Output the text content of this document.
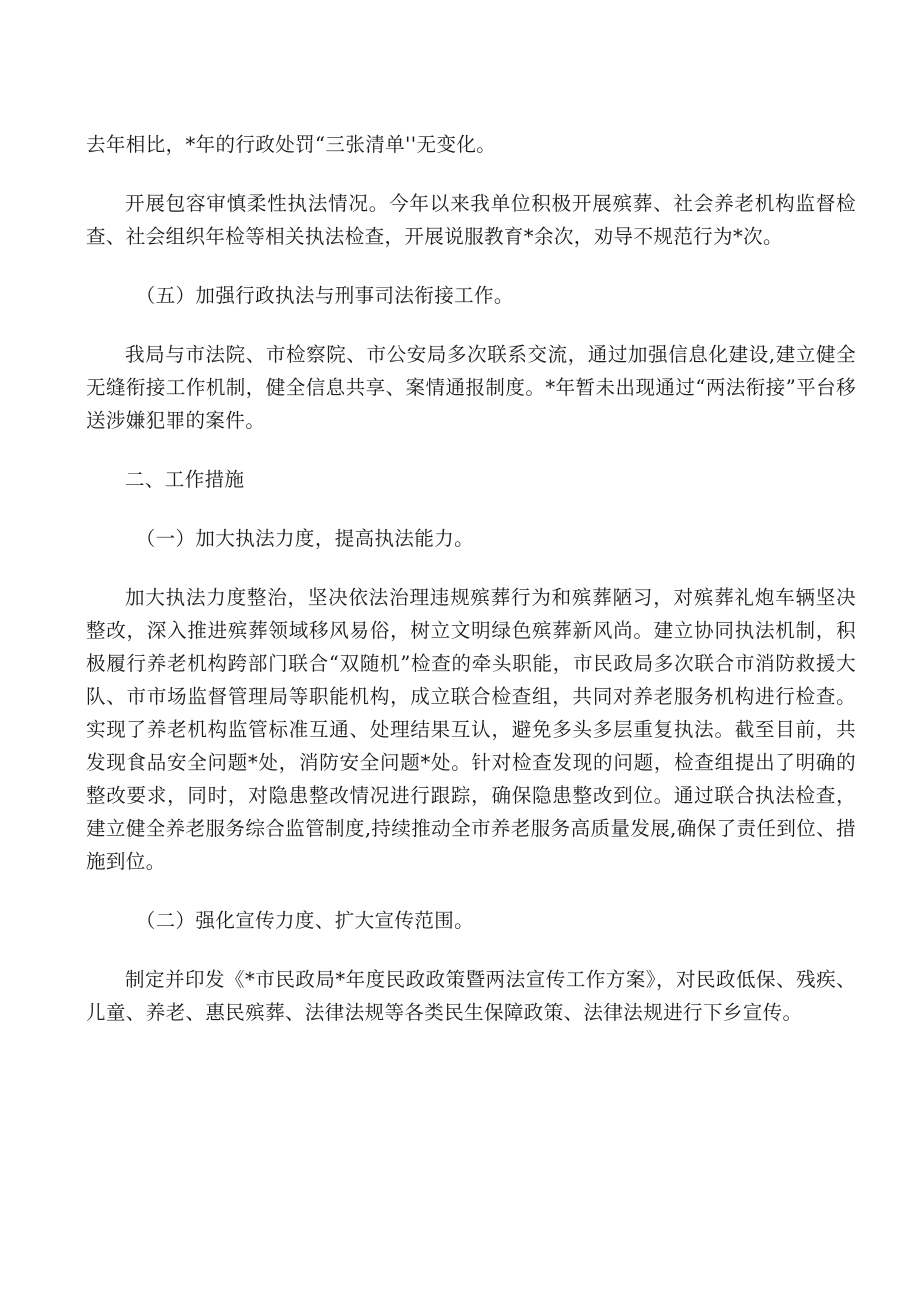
去年相比，*年的行政处罚“三张清单''无变化。

开展包容审慎柔性执法情况。今年以来我单位积极开展殡葬、社会养老机构监督检查、社会组织年检等相关执法检查，开展说服教育*余次，劝导不规范行为*次。

（五）加强行政执法与刑事司法衔接工作。

我局与市法院、市检察院、市公安局多次联系交流，通过加强信息化建设,建立健全无缝衔接工作机制，健全信息共享、案情通报制度。*年暂未出现通过“两法衔接”平台移送涉嫌犯罪的案件。

二、工作措施

（一）加大执法力度，提高执法能力。

加大执法力度整治，坚决依法治理违规殡葬行为和殡葬陋习，对殡葬礼炮车辆坚决整改，深入推进殡葬领域移风易俗，树立文明绿色殡葬新风尚。建立协同执法机制，积极履行养老机构跨部门联合“双随机”检查的牵头职能，市民政局多次联合市消防救援大队、市市场监督管理局等职能机构，成立联合检查组，共同对养老服务机构进行检查。实现了养老机构监管标准互通、处理结果互认，避免多头多层重复执法。截至目前，共发现食品安全问题*处，消防安全问题*处。针对检查发现的问题，检查组提出了明确的整改要求，同时，对隐患整改情况进行跟踪，确保隐患整改到位。通过联合执法检查，建立健全养老服务综合监管制度,持续推动全市养老服务高质量发展,确保了责任到位、措施到位。

（二）强化宣传力度、扩大宣传范围。

制定并印发《*市民政局*年度民政政策暨两法宣传工作方案》，对民政低保、残疾、儿童、养老、惠民殡葬、法律法规等各类民生保障政策、法律法规进行下乡宣传。
